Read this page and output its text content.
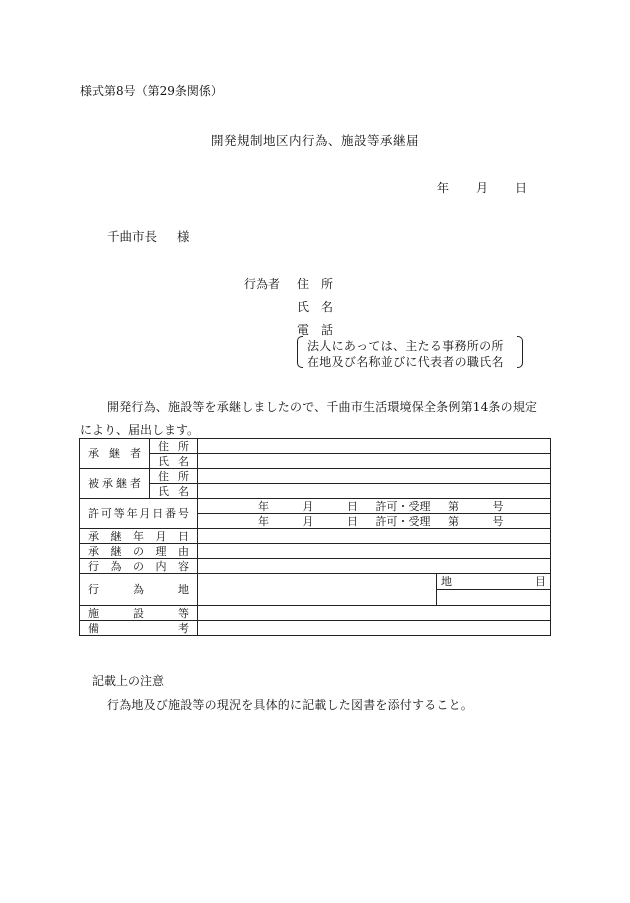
様式第8号（第29条関係）
開発規制地区内行為、施設等承継届
年 月 日
千曲市長 様
行為者 住　所
氏　名
電　話
法人にあっては、主たる事務所の所
在地及び名称並びに代表者の職氏名
開発行為、施設等を承継しましたので、千曲市生活環境保全条例第14条の規定
により、届出します。
承継者	住所	
	氏名	
被承継者	住所	
	氏名	
許可等年月日番号		年 月 日 許可・受理 第 号
		年 月 日 許可・受理 第 号
承継年月日		
承継の理由		
行為の内容		
行為地		地 目

施設等		
備考		
記載上の注意
行為地及び施設等の現況を具体的に記載した図書を添付すること。
